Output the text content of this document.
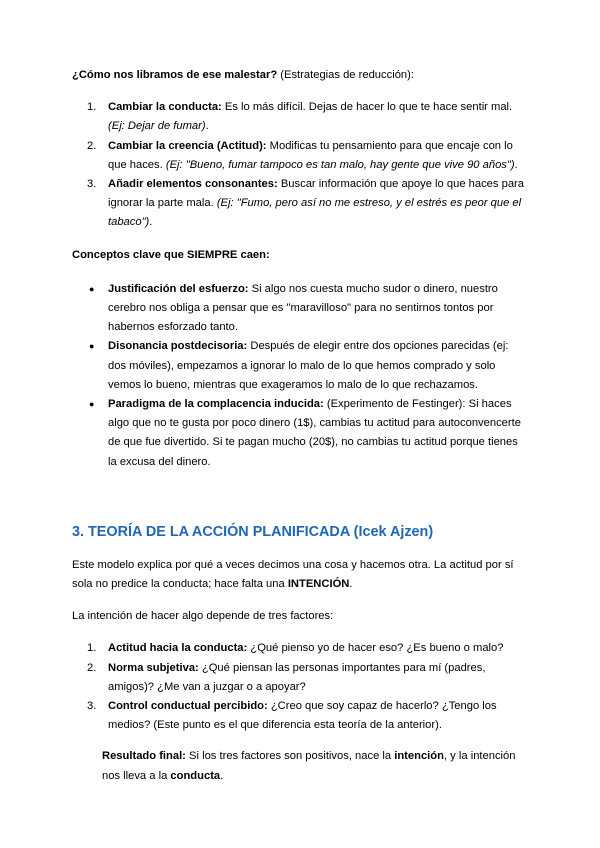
¿Cómo nos libramos de ese malestar? (Estrategias de reducción):

1. Cambiar la conducta: Es lo más difícil. Dejas de hacer lo que te hace sentir mal.
(Ej: Dejar de fumar).
2. Cambiar la creencia (Actitud): Modificas tu pensamiento para que encaje con lo que haces. (Ej: "Bueno, fumar tampoco es tan malo, hay gente que vive 90 años").
3. Añadir elementos consonantes: Buscar información que apoye lo que haces para ignorar la parte mala. (Ej: "Fumo, pero así no me estreso, y el estrés es peor que el tabaco").

Conceptos clave que SIEMPRE caen:

● Justificación del esfuerzo: Si algo nos cuesta mucho sudor o dinero, nuestro cerebro nos obliga a pensar que es "maravilloso" para no sentirnos tontos por habernos esforzado tanto.
● Disonancia postdecisoria: Después de elegir entre dos opciones parecidas (ej: dos móviles), empezamos a ignorar lo malo de lo que hemos comprado y solo vemos lo bueno, mientras que exageramos lo malo de lo que rechazamos.
● Paradigma de la complacencia inducida: (Experimento de Festinger): Si haces algo que no te gusta por poco dinero (1$), cambias tu actitud para autoconvencerte de que fue divertido. Si te pagan mucho (20$), no cambias tu actitud porque tienes la excusa del dinero.
3. TEORÍA DE LA ACCIÓN PLANIFICADA (Icek Ajzen)

Este modelo explica por qué a veces decimos una cosa y hacemos otra. La actitud por sí sola no predice la conducta; hace falta una INTENCIÓN.

La intención de hacer algo depende de tres factores:

1. Actitud hacia la conducta: ¿Qué pienso yo de hacer eso? ¿Es bueno o malo?
2. Norma subjetiva: ¿Qué piensan las personas importantes para mí (padres, amigos)? ¿Me van a juzgar o a apoyar?
3. Control conductual percibido: ¿Creo que soy capaz de hacerlo? ¿Tengo los medios? (Este punto es el que diferencia esta teoría de la anterior).

Resultado final: Si los tres factores son positivos, nace la intención, y la intención nos lleva a la conducta.
